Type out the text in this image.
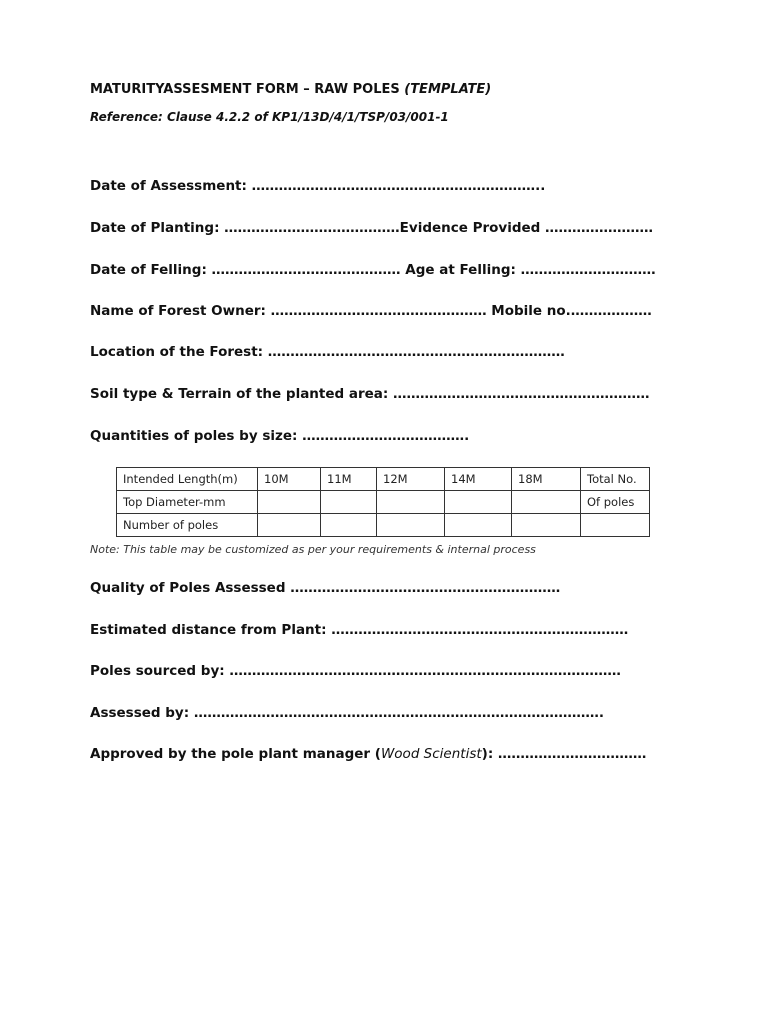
MATURITYASSESMENT FORM – RAW POLES (TEMPLATE)
Reference: Clause 4.2.2 of KP1/13D/4/1/TSP/03/001-1
Date of Assessment: ………………………………………………………..
Date of Planting: …………………………………Evidence Provided ……………………
Date of Felling: …………………………………… Age at Felling: …………………………
Name of Forest Owner: ………………………………………… Mobile no.………………
Location of the Forest: …………………………………………………………
Soil type & Terrain of the planted area: …………………………………………………
Quantities of poles by size: ……………………………….
Intended Length(m)	10M	11M	12M	14M	18M	Total No.
Top Diameter-mm						Of poles
Number of poles						
Note: This table may be customized as per your requirements & internal process
Quality of Poles Assessed ……………………………………………………
Estimated distance from Plant: …………………………………………………………
Poles sourced by: ……………………………………………………………………………
Assessed by: ……………………………………………………………………………….
Approved by the pole plant manager (Wood Scientist): ……………………………
